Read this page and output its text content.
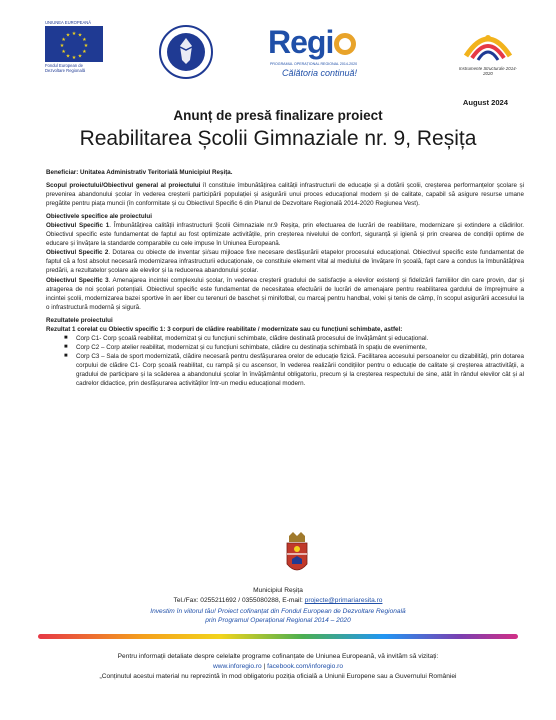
UNIUNEA EUROPEANĂ
★ ★
★
★
★
★
★
★
★
★
★
★
Fondul European de Dezvoltare Regională
Regi
PROGRAMUL OPERAȚIONAL REGIONAL 2014-2020
Călătoria continuă!	Instrumente Structurale 2014-2020
August 2024
Anunț de presă finalizare proiect
Reabilitarea Școlii Gimnaziale nr. 9, Reșița

Beneficiar: Unitatea Administrativ Teritorială Municipiul Reșița.

Scopul proiectului/Obiectivul general al proiectului îl constituie îmbunătățirea calității infrastructurii de educație și a dotării școlii, creșterea performanțelor școlare și prevenirea abandonului școlar în vederea creșterii participării populației și asigurării unui proces educațional modern și de calitate, capabil să asigure resurse umane pregătite pentru piața muncii (în conformitate și cu Obiectivul Specific 6 din Planul de Dezvoltare Regională 2014-2020 Regiunea Vest).

Obiectivele specifice ale proiectului

Obiectivul Specific 1. Îmbunătățirea calității infrastructurii Școlii Gimnaziale nr.9 Reșița, prin efectuarea de lucrări de reabilitare, modernizare și extindere a clădirilor. Obiectivul specific este fundamentat de faptul au fost optimizate activitățile, prin creșterea nivelului de confort, siguranță și igienă și prin crearea de condiții optime de educare și învățare la standarde comparabile cu cele impuse în Uniunea Europeană.

Obiectivul Specific 2. Dotarea cu obiecte de inventar și/sau mijloace fixe necesare desfășurării etapelor procesului educațional. Obiectivul specific este fundamentat de faptul că a fost absolut necesară modernizarea infrastructurii educaționale, ce constituie element vital al mediului de învățare în școală, fapt care a condus la îmbunătățirea predării, a rezultatelor școlare ale elevilor și la reducerea abandonului școlar.

Obiectivul Specific 3. Amenajarea incintei complexului școlar, în vederea creșterii gradului de satisfacție a elevilor existenți și fidelizării familiilor din care provin, dar și atragerea de noi școlari potențiali. Obiectivul specific este fundamentat de necesitatea efectuării de lucrări de amenajare pentru reabilitarea gardului de împrejmuire a incintei școlii, modernizarea bazei sportive în aer liber cu terenuri de baschet și minifotbal, cu marcaj pentru handbal, volei și tenis de câmp, în scopul asigurării accesului la o infrastructură modernă și sigură.

Rezultatele proiectului

Rezultat 1 corelat cu Obiectiv specific 1: 3 corpuri de clădire reabilitate / modernizate sau cu funcțiuni schimbate, astfel:

■ Corp C1- Corp școală reabilitat, modernizat și cu funcțiuni schimbate, clădire destinată procesului de învățământ și educațional.

■ Corp C2 – Corp atelier reabilitat, modernizat și cu funcțiuni schimbate, clădire cu destinația schimbată în spațiu de evenimente,

■ Corp C3 – Sala de sport modernizată, clădire necesară pentru desfășurarea orelor de educație fizică. Facilitarea accesului persoanelor cu dizabilități, prin dotarea corpului de clădire C1- Corp școală reabilitat, cu rampă și cu ascensor, în vederea realizării condițiilor pentru o educație de calitate și creșterea atractivității, a gradului de participare și la scăderea a abandonului școlar în învățământul obligatoriu, precum și la creșterea respectului de sine, atât în rândul elevilor cât și al cadrelor didactice, prin desfășurarea activităților într-un mediu educațional modern.

Municipiul Reșița
Tel./Fax: 0255211692 / 0355080288, E-mail: projecte@primariaresita.ro
Investim în viitorul tău! Proiect cofinanțat din Fondul European de Dezvoltare Regională
prin Programul Operațional Regional 2014 – 2020
Pentru informații detaliate despre celelalte programe cofinanțate de Uniunea Europeană, vă invităm să vizitați:
www.inforegio.ro | facebook.com/inforegio.ro
„Conținutul acestui material nu reprezintă în mod obligatoriu poziția oficială a Uniunii Europene sau a Guvernului României
